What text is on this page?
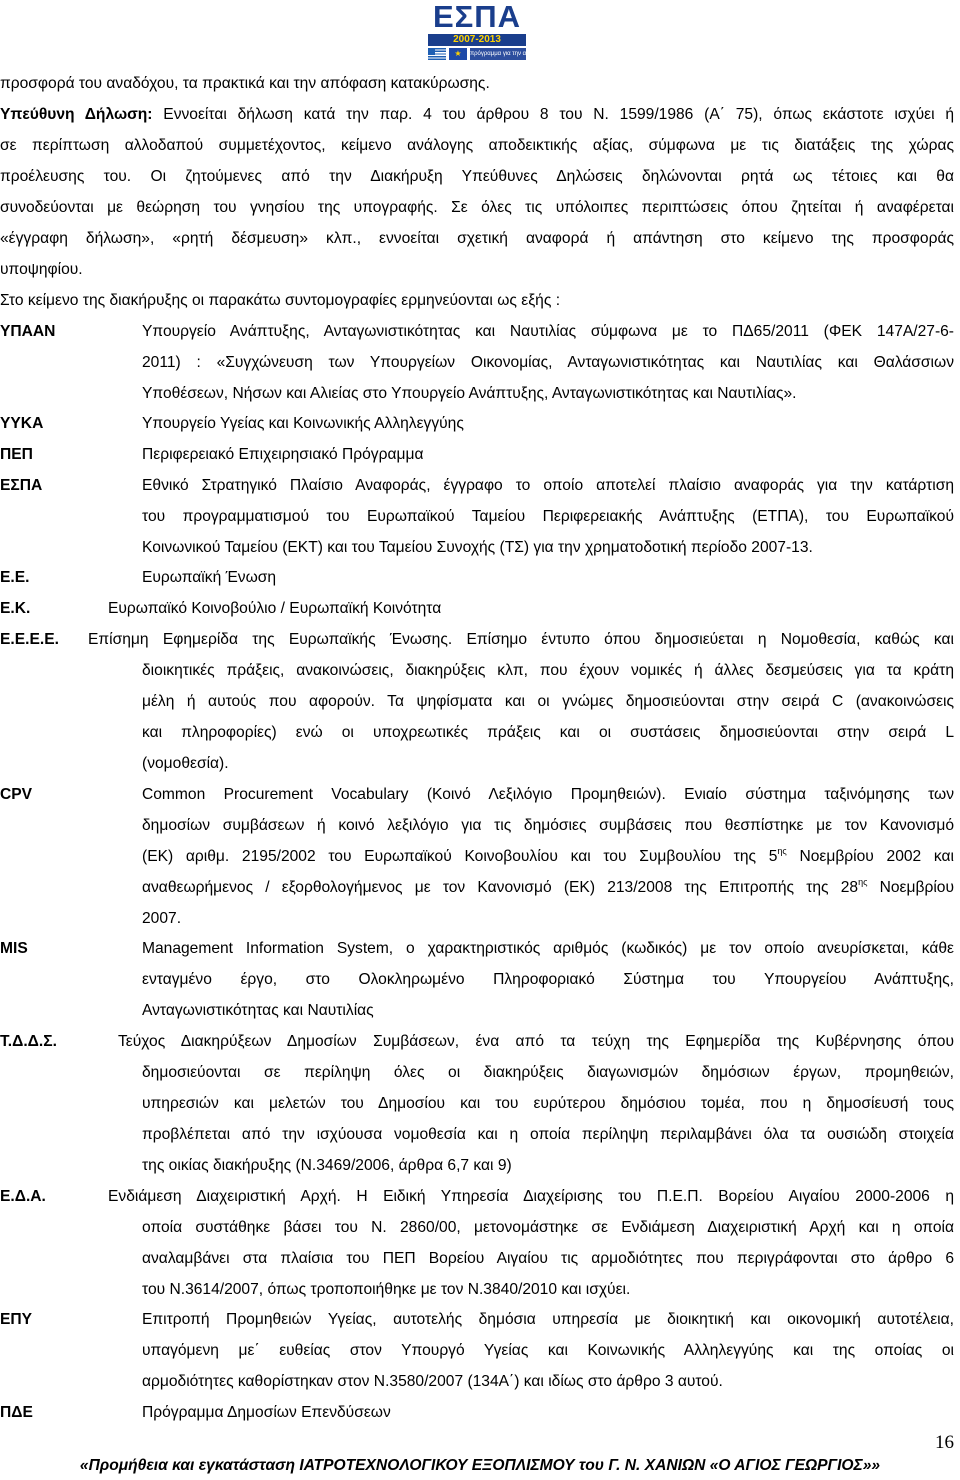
ΕΣΠΑ
2007-2013
★	πρόγραμμα για την ανάπτυξη
προσφορά του αναδόχου, τα πρακτικά και την απόφαση κατακύρωσης.
Υπεύθυνη Δήλωση: Εννοείται δήλωση κατά την παρ. 4 του άρθρου 8 του Ν. 1599/1986 (Α΄ 75), όπως εκάστοτε ισχύει ή
σε περίπτωση αλλοδαπού συμμετέχοντος, κείμενο ανάλογης αποδεικτικής αξίας, σύμφωνα με τις διατάξεις της χώρας
προέλευσης του. Οι ζητούμενες από την Διακήρυξη Υπεύθυνες Δηλώσεις δηλώνονται ρητά ως τέτοιες και θα
συνοδεύονται με θεώρηση του γνησίου της υπογραφής. Σε όλες τις υπόλοιπες περιπτώσεις όπου ζητείται ή αναφέρεται
«έγγραφη δήλωση», «ρητή δέσμευση» κλπ., εννοείται σχετική αναφορά ή απάντηση στο κείμενο της προσφοράς
υποψηφίου.
Στο κείμενο της διακήρυξης οι παρακάτω συντομογραφίες ερμηνεύονται ως εξής :
ΥΠΑΑΝ	Υπουργείο Ανάπτυξης, Ανταγωνιστικότητας και Ναυτιλίας σύμφωνα με το ΠΔ65/2011 (ΦΕΚ 147Α/27-6-
2011) : «Συγχώνευση των Υπουργείων Οικονομίας, Ανταγωνιστικότητας και Ναυτιλίας και Θαλάσσιων
Υποθέσεων, Νήσων και Αλιείας στο Υπουργείο Ανάπτυξης, Ανταγωνιστικότητας και Ναυτιλίας».
ΥΥΚΑ	Υπουργείο Υγείας και Κοινωνικής Αλληλεγγύης
ΠΕΠ	Περιφερειακό Επιχειρησιακό Πρόγραμμα
ΕΣΠΑ	Εθνικό Στρατηγικό Πλαίσιο Αναφοράς, έγγραφο το οποίο αποτελεί πλαίσιο αναφοράς για την κατάρτιση
του προγραμματισμού του Ευρωπαϊκού Ταμείου Περιφερειακής Ανάπτυξης (ΕΤΠΑ), του Ευρωπαϊκού
Κοινωνικού Ταμείου (ΕΚΤ) και του Ταμείου Συνοχής (ΤΣ) για την χρηματοδοτική περίοδο 2007-13.
Ε.Ε.	Ευρωπαϊκή Ένωση
Ε.Κ.	Ευρωπαϊκό Κοινοβούλιο / Ευρωπαϊκή Κοινότητα
Ε.Ε.Ε.Ε. Επίσημη Εφημερίδα της Ευρωπαϊκής Ένωσης. Επίσημο έντυπο όπου δημοσιεύεται η Νομοθεσία, καθώς και
διοικητικές πράξεις, ανακοινώσεις, διακηρύξεις κλπ, που έχουν νομικές ή άλλες δεσμεύσεις για τα κράτη
μέλη ή αυτούς που αφορούν. Τα ψηφίσματα και οι γνώμες δημοσιεύονται στην σειρά C (ανακοινώσεις
και πληροφορίες) ενώ οι υποχρεωτικές πράξεις και οι συστάσεις δημοσιεύονται στην σειρά L
(νομοθεσία).
CPV	Common Procurement Vocabulary (Κοινό Λεξιλόγιο Προμηθειών). Ενιαίο σύστημα ταξινόμησης των
δημοσίων συμβάσεων ή κοινό λεξιλόγιο για τις δημόσιες συμβάσεις που θεσπίστηκε με τον Κανονισμό
(ΕΚ) αριθμ. 2195/2002 του Ευρωπαϊκού Κοινοβουλίου και του Συμβουλίου της $5^{\eta\varsigma}$ Νοεμβρίου 2002 και
αναθεωρήμενος / εξορθολογήμενος με τον Κανονισμό (ΕΚ) 213/2008 της Επιτροπής της $28^{\eta\varsigma}$ Νοεμβρίου
2007.
MIS	Management Information System, ο χαρακτηριστικός αριθμός (κωδικός) με τον οποίο ανευρίσκεται, κάθε
ενταγμένο έργο, στο Ολοκληρωμένο Πληροφοριακό Σύστημα του Υπουργείου Ανάπτυξης,
Ανταγωνιστικότητας και Ναυτιλίας
Τ.Δ.Δ.Σ.	Τεύχος Διακηρύξεων Δημοσίων Συμβάσεων, ένα από τα τεύχη της Εφημερίδα της Κυβέρνησης όπου
δημοσιεύονται σε περίληψη όλες οι διακηρύξεις διαγωνισμών δημόσιων έργων, προμηθειών,
υπηρεσιών και μελετών του Δημοσίου και του ευρύτερου δημόσιου τομέα, που η δημοσίευσή τους
προβλέπεται από την ισχύουσα νομοθεσία και η οποία περίληψη περιλαμβάνει όλα τα ουσιώδη στοιχεία
της οικίας διακήρυξης (Ν.3469/2006, άρθρα 6,7 και 9)
Ε.Δ.Α.	Ενδιάμεση Διαχειριστική Αρχή. Η Ειδική Υπηρεσία Διαχείρισης του Π.Ε.Π. Βορείου Αιγαίου 2000-2006 η
οποία συστάθηκε βάσει του Ν. 2860/00, μετονομάστηκε σε Ενδιάμεση Διαχειριστική Αρχή και η οποία
αναλαμβάνει στα πλαίσια του ΠΕΠ Βορείου Αιγαίου τις αρμοδιότητες που περιγράφονται στο άρθρο 6
του Ν.3614/2007, όπως τροποποιήθηκε με τον Ν.3840/2010 και ισχύει.
ΕΠΥ	Επιτροπή Προμηθειών Υγείας, αυτοτελής δημόσια υπηρεσία με διοικητική και οικονομική αυτοτέλεια,
υπαγόμενη με΄ ευθείας στον Υπουργό Υγείας και Κοινωνικής Αλληλεγγύης και της οποίας οι
αρμοδιότητες καθορίστηκαν στον Ν.3580/2007 (134Α΄) και ιδίως στο άρθρο 3 αυτού.
ΠΔΕ	Πρόγραμμα Δημοσίων Επενδύσεων
16
«Προμήθεια και εγκατάσταση ΙΑΤΡΟΤΕΧΝΟΛΟΓΙΚΟΥ ΕΞΟΠΛΙΣΜΟΥ του Γ. Ν. ΧΑΝΙΩΝ «Ο ΑΓΙΟΣ ΓΕΩΡΓΙΟΣ»»
